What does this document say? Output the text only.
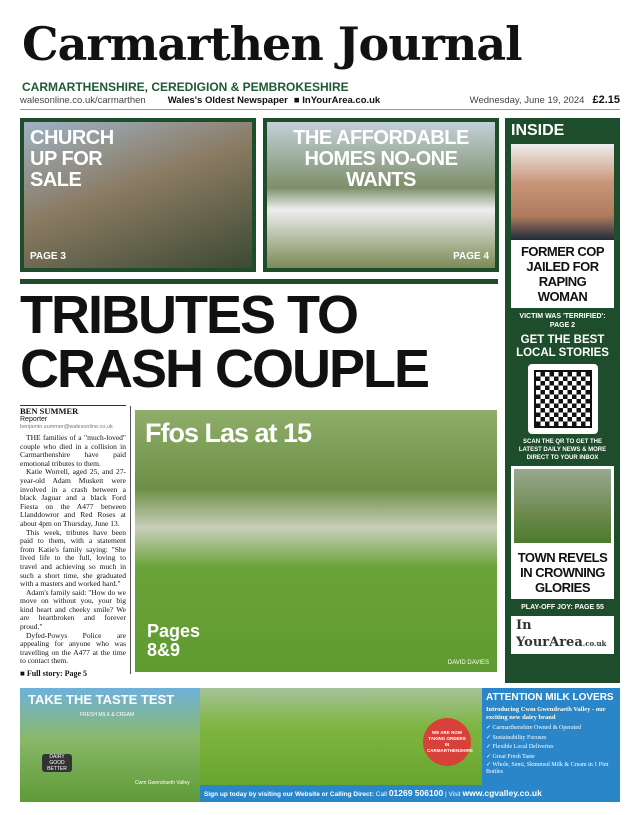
Carmarthen Journal
CARMARTHENSHIRE, CEREDIGION & PEMBROKESHIRE
walesonline.co.uk/carmarthen Wales's Oldest Newspaper ■ InYourArea.co.uk	Wednesday, June 19, 2024 £2.15
CHURCH UP FOR SALE
PAGE 3
THE AFFORDABLE HOMES NO-ONE WANTS
PAGE 4
TRIBUTES TO
CRASH COUPLE
BEN SUMMER
Reporter
benjamin.summer@walesonline.co.uk

THE families of a "much-loved" couple who died in a collision in Carmarthenshire have paid emotional tributes to them.

Katie Worrell, aged 25, and 27-year-old Adam Muskett were involved in a crash between a black Jaguar and a black Ford Fiesta on the A477 between Llanddowror and Red Roses at about 4pm on Thursday, June 13.

This week, tributes have been paid to them, with a statement from Katie's family saying: "She lived life to the full, loving to travel and achieving so much in such a short time, she graduated with a masters and worked hard."

Adam's family said: "How do we move on without you, your big kind heart and cheeky smile? We are heartbroken and forever proud."

Dyfed-Powys Police are appealing for anyone who was travelling on the A477 at the time to contact them.

■ Full story: Page 5
Ffos Las at 15
Pages 8&9
DAVID DAVIES
INSIDE
FORMER COP JAILED FOR RAPING WOMAN
VICTIM WAS 'TERRIFIED': PAGE 2
GET THE BEST LOCAL STORIES
SCAN THE QR TO GET THE LATEST DAILY NEWS & MORE DIRECT TO YOUR INBOX
TOWN REVELS IN CROWNING GLORIES
PLAY-OFF JOY: PAGE 55
In
YourArea.co.uk
TAKE THE TASTE TEST
FRESH MILK & CREAM
DAIRY GOOD BETTER
Cwm Gwendraeth Valley
WE ARE NOW TAKING ORDERS IN CARMARTHENSHIRE
ATTENTION MILK LOVERS
Introducing Cwm Gwendraeth Valley - our exciting new dairy brand
✓ Carmarthenshire Owned & Operated
✓ Sustainability Focuses
✓ Flexible Local Deliveries
✓ Great Fresh Taste
✓ Whole, Semi, Skimmed Milk & Cream in 1 Pint Bottles
Sign up today by visiting our Website or Calling Direct: Call 01269 506100 | Visit www.cgvalley.co.uk
